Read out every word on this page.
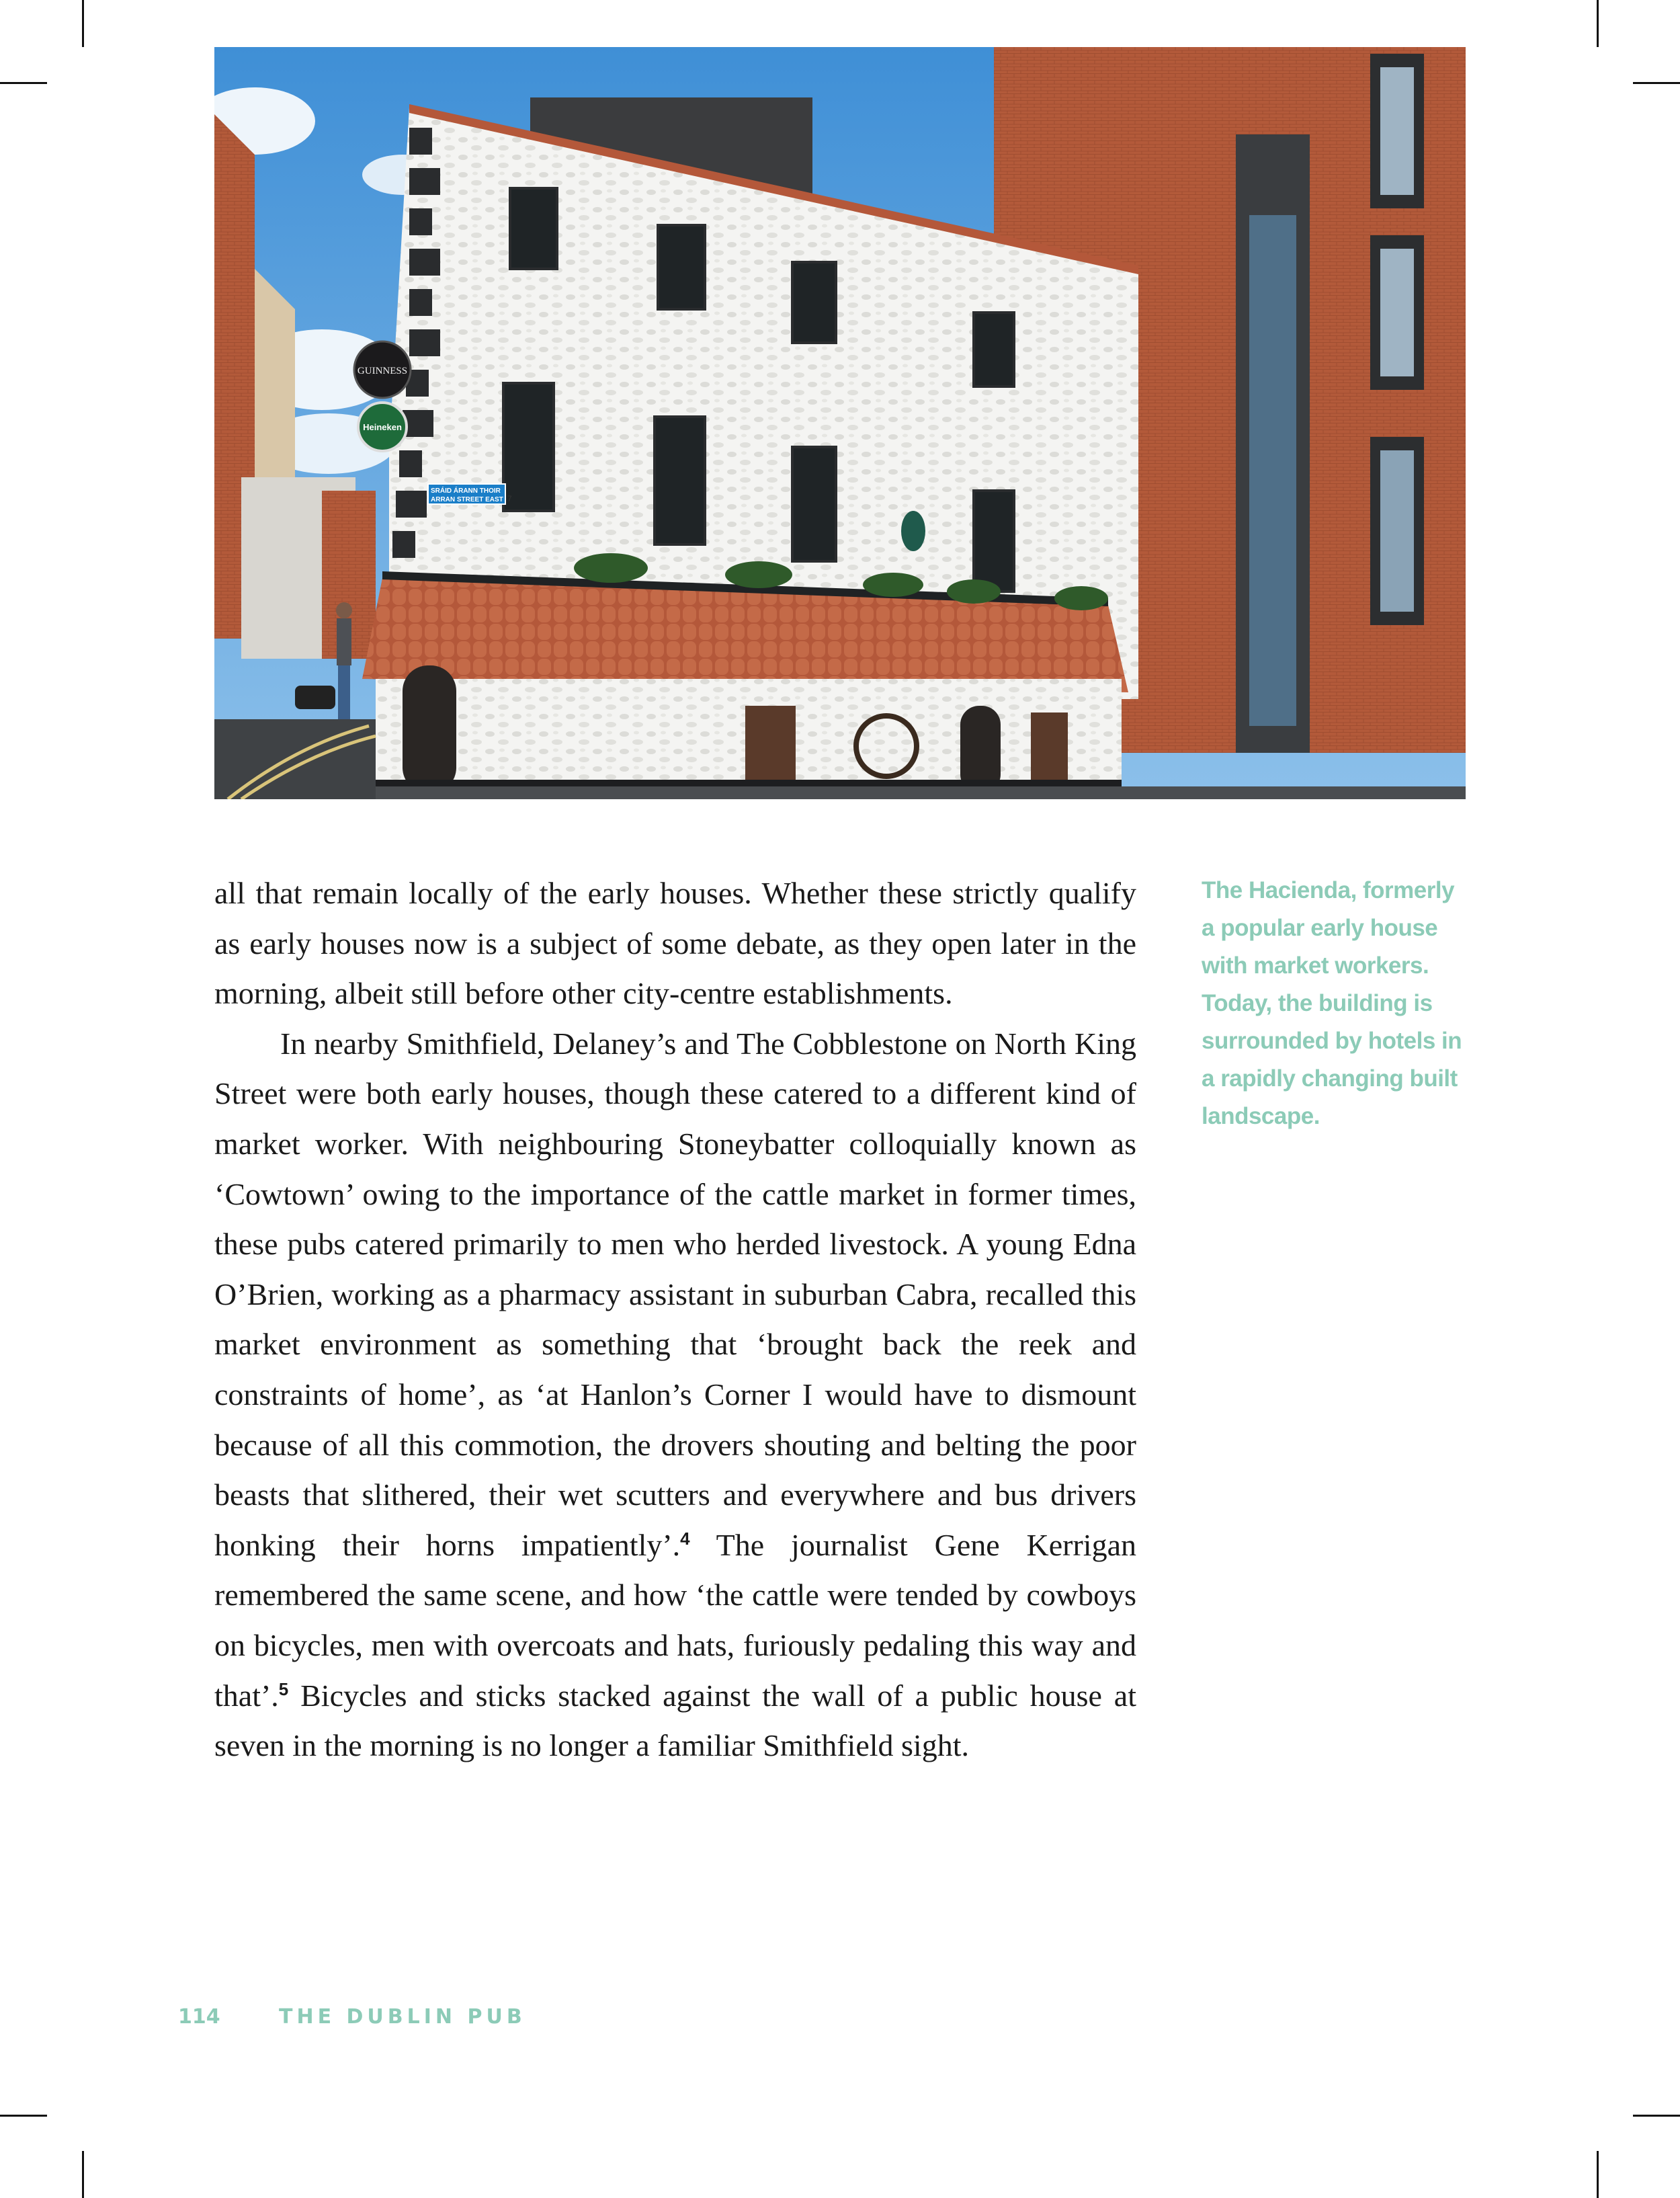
GUINNESS
Heineken
SRÁID ÁRANN THOIR
ARRAN STREET EAST 7

all that remain locally of the early houses. Whether these strictly qualify as early houses now is a subject of some debate, as they open later in the morning, albeit still before other city-centre establishments.

In nearby Smithfield, Delaney’s and The Cobblestone on North King Street were both early houses, though these catered to a different kind of market worker. With neighbouring Stoneybatter colloquially known as ‘Cowtown’ owing to the importance of the cattle market in former times, these pubs catered primarily to men who herded livestock. A young Edna O’Brien, working as a pharmacy assistant in suburban Cabra, recalled this market environment as something that ‘brought back the reek and constraints of home’, as ‘at Hanlon’s Corner I would have to dismount because of all this commotion, the drovers shouting and belting the poor beasts that slithered, their wet scutters and everywhere and bus drivers honking their horns impatiently’.$^4$ The journalist Gene Kerrigan remembered the same scene, and how ‘the cattle were tended by cowboys on bicycles, men with overcoats and hats, furiously pedaling this way and that’.$^5$ Bicycles and sticks stacked against the wall of a public house at seven in the morning is no longer a familiar Smithfield sight.

The Hacienda, formerly a popular early house with market workers. Today, the building is surrounded by hotels in a rapidly changing built landscape.
114	THE DUBLIN PUB
